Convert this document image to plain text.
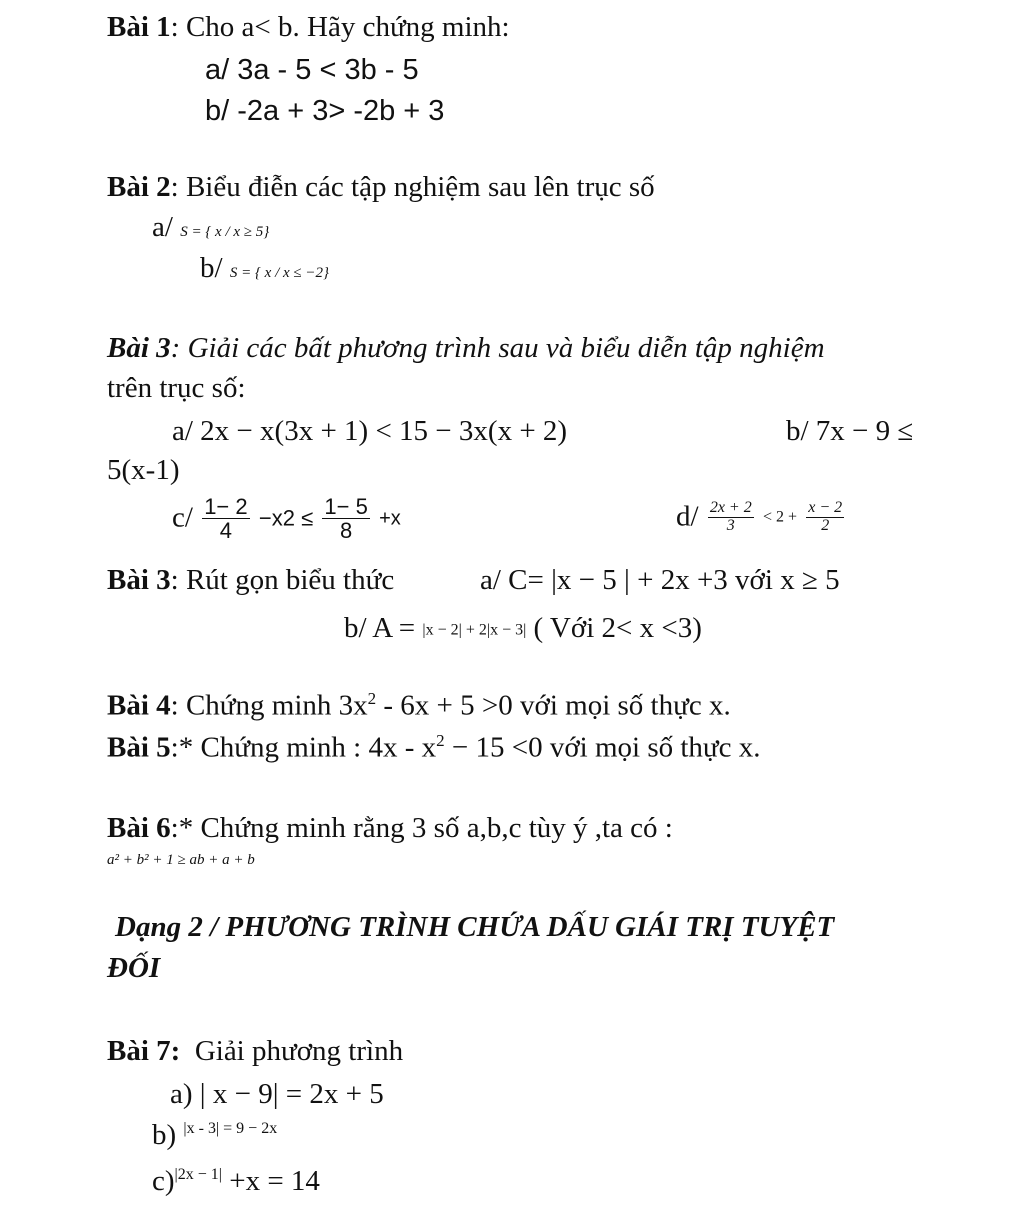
Bài 1: Cho a< b. Hãy chứng minh:
a/ 3a - 5 < 3b - 5
b/ -2a + 3> -2b + 3
Bài 2: Biểu điễn các tập nghiệm sau lên trục số
a/ S = { x / x ≥ 5}
b/ S = { x / x ≤ −2}
Bài 3: Giải các bất phương trình sau và biểu diễn tập nghiệm
trên trục số:
a/ 2x − x(3x + 1) < 15 − 3x(x + 2)	b/ 7x − 9 ≤
5(x-1)
$c/ \frac{1- 2}{4} -x2 \le \frac{1- 5}{8} +x$	$d/ \frac{2x + 2}{3} < 2 + \frac{x - 2}{2}$
Bài 3: Rút gọn biểu thức	a/ C= |x − 5 | + 2x +3 với x ≥ 5
b/ A = |x − 2| + 2|x − 3| ( Với 2< x <3)
Bài 4: Chứng minh $3x^2 - 6x + 5 >0$ với mọi số thực x.
Bài 5:* Chứng minh : $4x - x^2 - 15 <0$ với mọi số thực x.
Bài 6:* Chứng minh rằng 3 số a,b,c tùy ý ,ta có :
a² + b² + 1 ≥ ab + a + b
Dạng 2 / PHƯƠNG TRÌNH CHỨA DẤU GIÁI TRỊ TUYỆT
ĐỐI
Bài 7:  Giải phương trình
a) | x − 9| = 2x + 5
b) $^{|x - 3| = 9 - 2x}$
c)$^{|2x - 1|}$ +x = 14
